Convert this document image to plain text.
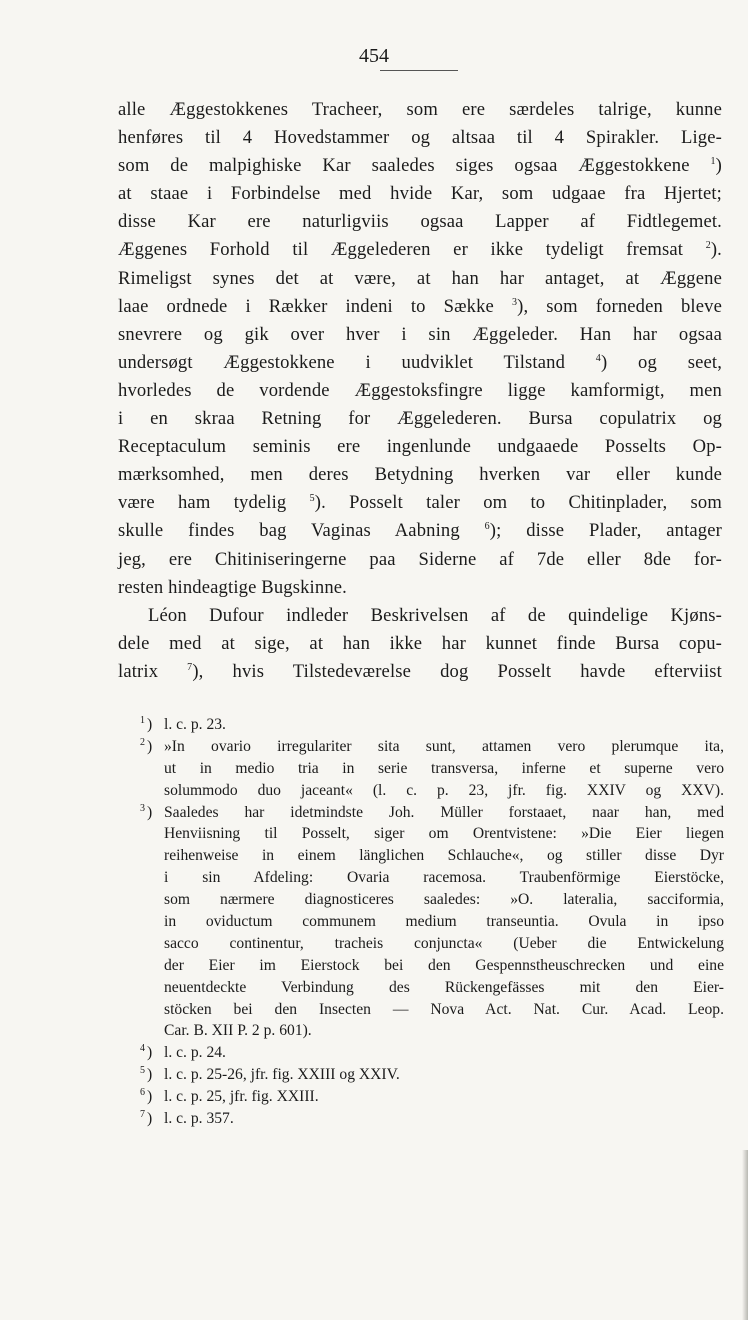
454
alle Æggestokkenes Tracheer, som ere særdeles talrige, kunne
henføres til 4 Hovedstammer og altsaa til 4 Spirakler. Lige-
som de malpighiske Kar saaledes siges ogsaa Æggestokkene $^1$)
at staae i Forbindelse med hvide Kar, som udgaae fra Hjertet;
disse Kar ere naturligviis ogsaa Lapper af Fidtlegemet.
Æggenes Forhold til Æggelederen er ikke tydeligt fremsat $^2$).
Rimeligst synes det at være, at han har antaget, at Æggene
laae ordnede i Rækker indeni to Sække $^3$), som forneden bleve
snevrere og gik over hver i sin Æggeleder. Han har ogsaa
undersøgt Æggestokkene i uudviklet Tilstand	$^4$) og seet,
hvorledes de vordende Æggestoksfingre ligge kamformigt, men
i en skraa Retning for Æggelederen. Bursa copulatrix og
Receptaculum seminis ere ingenlunde undgaaede Posselts Op-
mærksomhed, men deres Betydning hverken var eller kunde
være ham tydelig $^5$). Posselt taler om to Chitinplader, som
skulle findes bag Vaginas Aabning $^6$); disse Plader, antager
jeg, ere Chitiniseringerne paa Siderne af 7de eller 8de for-
resten hindeagtige Bugskinne.
Léon Dufour indleder Beskrivelsen af de quindelige Kjøns-
dele med at sige, at han ikke har kunnet finde Bursa copu-
latrix	$^7$), hvis Tilstedeværelse dog Posselt havde efterviist
1 ) l. c. p. 23.
2 ) »In ovario irregulariter sita sunt, attamen vero plerumque ita,
ut in medio tria in serie transversa, inferne et superne vero
solummodo duo jaceant« (l. c. p. 23, jfr. fig. XXIV og XXV).
3 ) Saaledes har idetmindste Joh. Müller forstaaet, naar han, med
Henviisning til Posselt, siger om Orentvistene: »Die Eier liegen
reihenweise in einem länglichen Schlauche«, og stiller disse Dyr
i sin Afdeling: Ovaria racemosa. Traubenförmige Eierstöcke,
som nærmere diagnosticeres saaledes: »O. lateralia, sacciformia,
in oviductum communem medium transeuntia. Ovula in ipso
sacco continentur, tracheis conjuncta« (Ueber die Entwickelung
der Eier im Eierstock bei den Gespennstheuschrecken und eine
neuentdeckte Verbindung des Rückengefässes mit den Eier-
stöcken bei den Insecten — Nova Act. Nat. Cur. Acad. Leop.
Car. B. XII P. 2 p. 601).
4 ) l. c. p. 24.
5 ) l. c. p. 25-26, jfr. fig. XXIII og XXIV.
6 ) l. c. p. 25, jfr. fig. XXIII.
7 ) l. c. p. 357.
